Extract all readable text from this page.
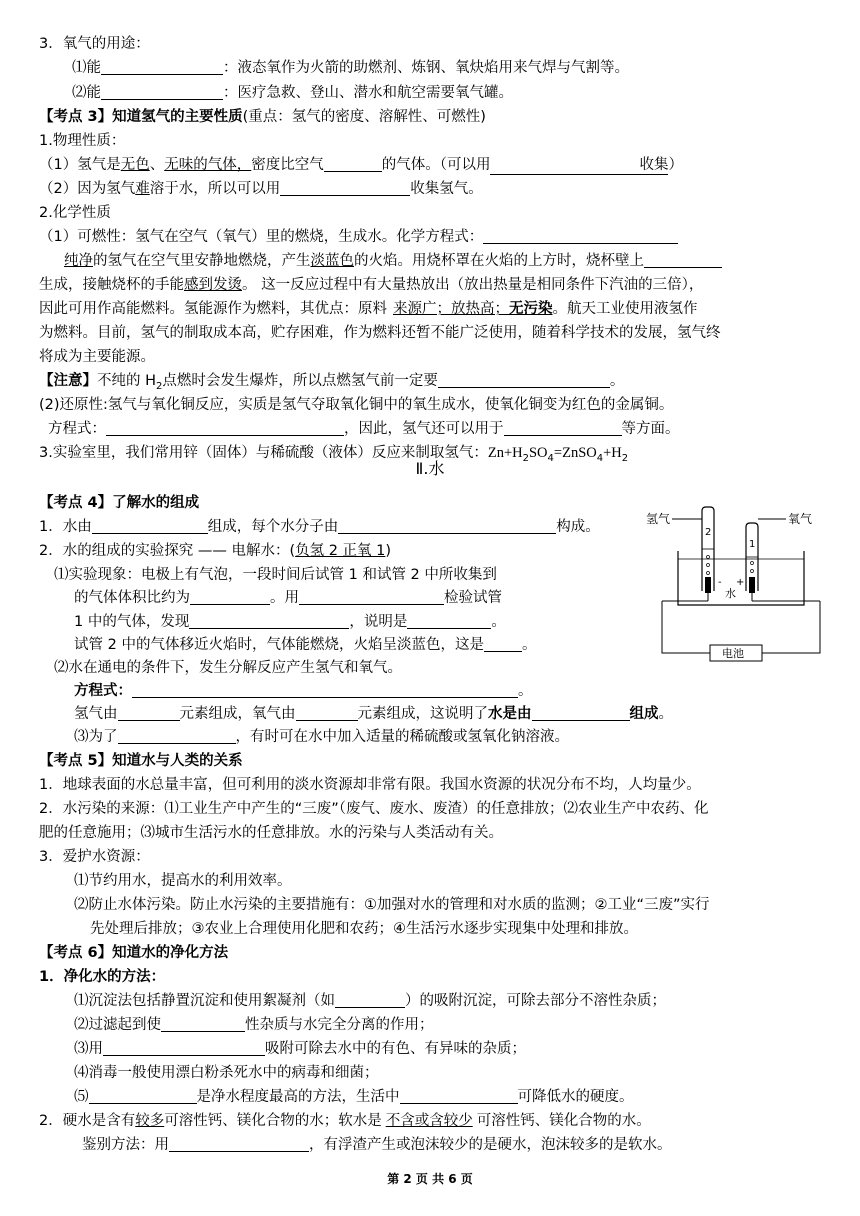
3．氧气的用途：
⑴能	：液态氧作为火箭的助燃剂、炼钢、氧炔焰用来气焊与气割等。
⑵能	：医疗急救、登山、潜水和航空需要氧气罐。
【考点 3】知道氢气的主要性质(重点：氢气的密度、溶解性、可燃性)
1.物理性质：
（1）氢气是无色、无味的气体，密度比空气	的气体。（可以用	收集）
（2）因为氢气难溶于水，所以可以用	收集氢气。
2.化学性质
（1）可燃性：氢气在空气（氧气）里的燃烧，生成水。化学方程式：
纯净的氢气在空气里安静地燃烧，产生淡蓝色的火焰。用烧杯罩在火焰的上方时，烧杯壁上
生成，接触烧杯的手能感到发烫。 这一反应过程中有大量热放出（放出热量是相同条件下汽油的三倍），
因此可用作高能燃料。氢能源作为燃料，其优点：原料 来源广；放热高；无污染。航天工业使用液氢作
为燃料。目前，氢气的制取成本高，贮存困难，作为燃料还暂不能广泛使用，随着科学技术的发展，氢气终
将成为主要能源。
【注意】不纯的 $H_2$点燃时会发生爆炸，所以点燃氢气前一定要	。
(2)还原性:氢气与氧化铜反应，实质是氢气夺取氧化铜中的氧生成水，使氧化铜变为红色的金属铜。
方程式：	，因此，氢气还可以用于	等方面。
3.实验室里，我们常用锌（固体）与稀硫酸（液体）反应来制取氢气：$Zn+H_2SO_4=ZnSO_4+H_2$
Ⅱ.水
【考点 4】了解水的组成
1．水由	组成，每个水分子由	构成。
2．水的组成的实验探究 —— 电解水：(负氢 2 正氧 1)
⑴实验现象：电极上有气泡，一段时间后试管 1 和试管 2 中所收集到
的气体体积比约为	。用	检验试管
1 中的气体，发现	，说明是	。
试管 2 中的气体移近火焰时，气体能燃烧，火焰呈淡蓝色，这是	。
⑵水在通电的条件下，发生分解反应产生氢气和氧气。
方程式：	。
氢气由	元素组成，氧气由	元素组成，这说明了水是由	组成。
⑶为了	，有时可在水中加入适量的稀硫酸或氢氧化钠溶液。
【考点 5】知道水与人类的关系
1．地球表面的水总量丰富，但可利用的淡水资源却非常有限。我国水资源的状况分布不均，人均量少。
2．水污染的来源：⑴工业生产中产生的“三废”（废气、废水、废渣）的任意排放；⑵农业生产中农药、化
肥的任意施用；⑶城市生活污水的任意排放。水的污染与人类活动有关。
3．爱护水资源：
⑴节约用水，提高水的利用效率。
⑵防止水体污染。防止水污染的主要措施有：①加强对水的管理和对水质的监测；②工业“三废”实行
先处理后排放；③农业上合理使用化肥和农药；④生活污水逐步实现集中处理和排放。
【考点 6】知道水的净化方法
1．净化水的方法：
⑴沉淀法包括静置沉淀和使用絮凝剂（如	）的吸附沉淀，可除去部分不溶性杂质；
⑵过滤起到使	性杂质与水完全分离的作用；
⑶用	吸附可除去水中的有色、有异味的杂质；
⑷消毒一般使用漂白粉杀死水中的病毒和细菌；
⑸	是净水程度最高的方法，生活中	可降低水的硬度。
2．硬水是含有较多可溶性钙、镁化合物的水；软水是 不含或含较少 可溶性钙、镁化合物的水。
鉴别方法：用	，有浮渣产生或泡沫较少的是硬水，泡沫较多的是软水。
氢气	氧气
2
1
- +
水
电池
第 2 页 共 6 页
